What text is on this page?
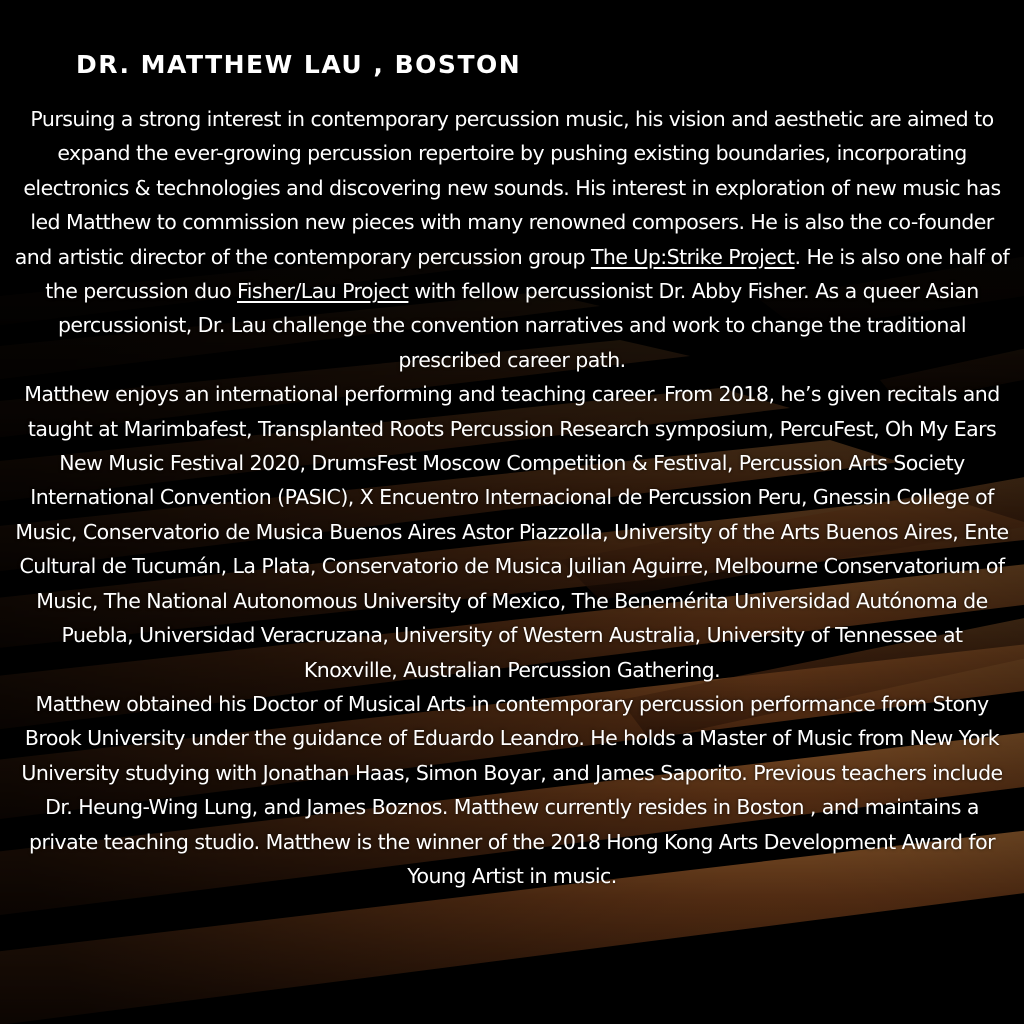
DR. MATTHEW LAU , BOSTON

Pursuing a strong interest in contemporary percussion music, his vision and aesthetic are aimed to expand the ever-growing percussion repertoire by pushing existing boundaries, incorporating electronics & technologies and discovering new sounds. His interest in exploration of new music has led Matthew to commission new pieces with many renowned composers. He is also the co-founder and artistic director of the contemporary percussion group The Up:Strike Project. He is also one half of the percussion duo Fisher/Lau Project with fellow percussionist Dr. Abby Fisher. As a queer Asian percussionist, Dr. Lau challenge the convention narratives and work to change the traditional prescribed career path.

Matthew enjoys an international performing and teaching career. From 2018, he’s given recitals and taught at Marimbafest, Transplanted Roots Percussion Research symposium, PercuFest, Oh My Ears New Music Festival 2020, DrumsFest Moscow Competition & Festival, Percussion Arts Society International Convention (PASIC), X Encuentro Internacional de Percussion Peru, Gnessin College of Music, Conservatorio de Musica Buenos Aires Astor Piazzolla, University of the Arts Buenos Aires, Ente Cultural de Tucumán, La Plata, Conservatorio de Musica Juilian Aguirre, Melbourne Conservatorium of Music, The National Autonomous University of Mexico, The Benemérita Universidad Autónoma de Puebla, Universidad Veracruzana, University of Western Australia, University of Tennessee at Knoxville, Australian Percussion Gathering.

Matthew obtained his Doctor of Musical Arts in contemporary percussion performance from Stony Brook University under the guidance of Eduardo Leandro. He holds a Master of Music from New York University studying with Jonathan Haas, Simon Boyar, and James Saporito. Previous teachers include Dr. Heung-Wing Lung, and James Boznos. Matthew currently resides in Boston , and maintains a private teaching studio. Matthew is the winner of the 2018 Hong Kong Arts Development Award for Young Artist in music.
